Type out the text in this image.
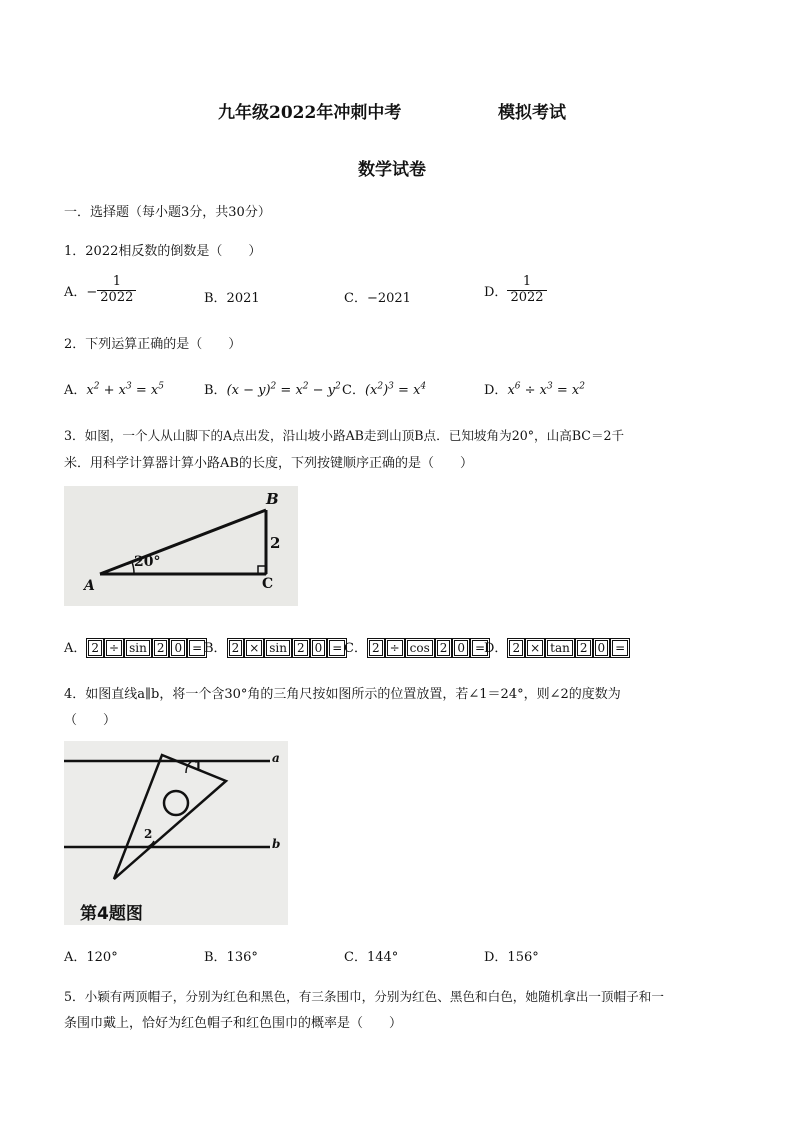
九年级2022年冲刺中考	模拟考试
数学试卷
一．选择题（每小题3分，共30分）
1．2022相反数的倒数是（　　）
A．− $\frac{1}{2022}$	B．2021	C．−2021	D． $\frac{1}{2022}$
2．下列运算正确的是（　　）
A．$x^2 + x^3 = x^5$	B．$(x - y)^2 = x^2 - y^2$ C．$(x^2)^3 = x^4$	D．$x^6 \div x^3 = x^2$
3．如图，一个人从山脚下的A点出发，沿山坡小路AB走到山顶B点．已知坡角为20°，山高BC＝2千
米．用科学计算器计算小路AB的长度，下列按键顺序正确的是（　　）
A
B
C
2
20°
A． 2 ÷ sin 2 0 = B． 2 × sin 2 0 = C． 2 ÷ cos 2 0 =D． 2 × tan 2 0 =
4．如图直线a∥b，将一个含30°角的三角尺按如图所示的位置放置，若∠1＝24°，则∠2的度数为
（　　）
a
b
1
2
第4题图
A．120°	B．136°	C．144°	D．156°
5．小颖有两顶帽子，分别为红色和黑色，有三条围巾，分别为红色、黑色和白色，她随机拿出一顶帽子和一
条围巾戴上，恰好为红色帽子和红色围巾的概率是（　　）
